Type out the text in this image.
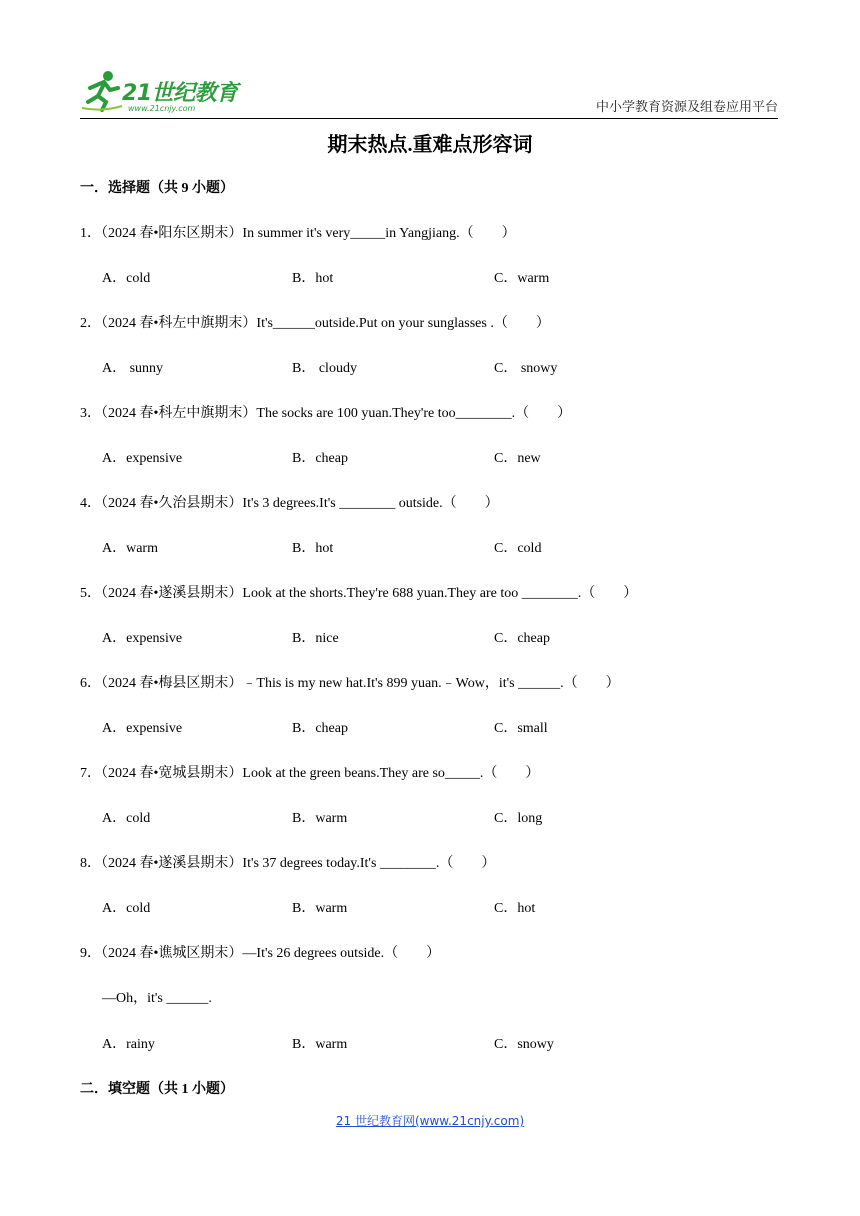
21世纪教育
www.21cnjy.com	中小学教育资源及组卷应用平台
期末热点.重难点形容词
一．选择题（共 9 小题）
1．（2024 春•阳东区期末）In summer it's very_____in Yangjiang.（　　）
A．cold	B．hot	C．warm
2．（2024 春•科左中旗期末）It's______outside.Put on your sunglasses .（　　）
A． sunny	B． cloudy	C． snowy
3．（2024 春•科左中旗期末）The socks are 100 yuan.They're too________.（　　）
A．expensive	B．cheap	C．new
4．（2024 春•久治县期末）It's 3 degrees.It's ________ outside.（　　）
A．warm	B．hot	C．cold
5．（2024 春•遂溪县期末）Look at the shorts.They're 688 yuan.They are too ________.（　　）
A．expensive	B．nice	C．cheap
6．（2024 春•梅县区期末）﹣This is my new hat.It's 899 yuan.﹣Wow，it's ______.（　　）
A．expensive	B．cheap	C．small
7．（2024 春•宽城县期末）Look at the green beans.They are so_____.（　　）
A．cold	B．warm	C．long
8．（2024 春•遂溪县期末）It's 37 degrees today.It's ________.（　　）
A．cold	B．warm	C．hot
9．（2024 春•谯城区期末）—It's 26 degrees outside.（　　）
—Oh，it's ______.
A．rainy	B．warm	C．snowy
二．填空题（共 1 小题）
21 世纪教育网(www.21cnjy.com)
